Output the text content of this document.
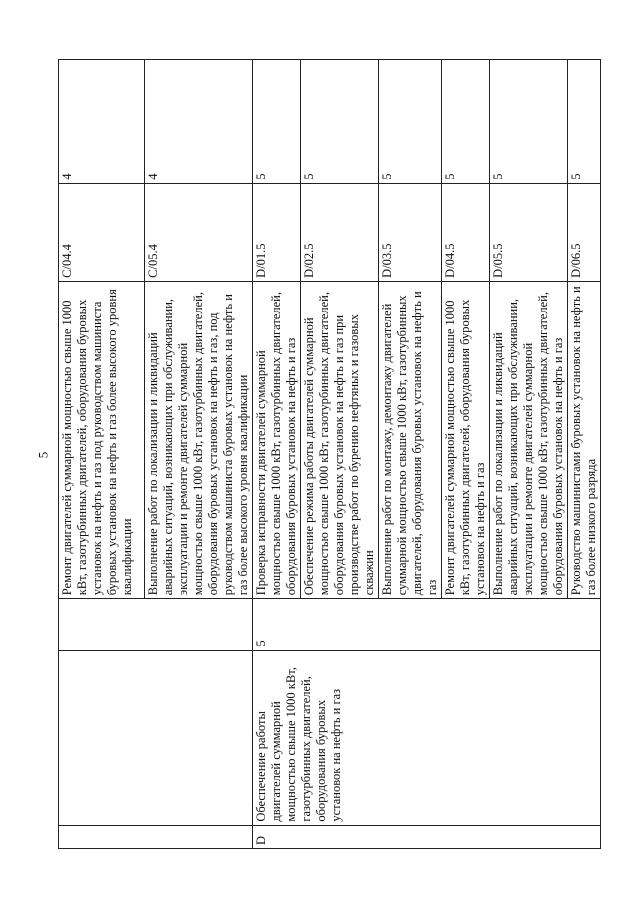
5
			Ремонт двигателей суммарной мощностью свыше 1000 кВт, газотурбинных двигателей, оборудования буровых установок на нефть и газ под руководством машиниста буровых установок на нефть и газ более высокого уровня квалификации	C/04.4	4
			Выполнение работ по локализации и ликвидаций аварийных ситуаций, возникающих при обслуживании, эксплуатации и ремонте двигателей суммарной мощностью свыше 1000 кВт, газотурбинных двигателей, оборудования буровых установок на нефть и газ, под руководством машиниста буровых установок на нефть и газ более высокого уровня квалификации	C/05.4	4
D	Обеспечение работы двигателей суммарной мощностью свыше 1000 кВт, газотурбинных двигателей, оборудования буровых установок на нефть и газ	5	Проверка исправности двигателей суммарной мощностью свыше 1000 кВт, газотурбинных двигателей, оборудования буровых установок на нефть и газ	D/01.5	5
			Обеспечение режима работы двигателей суммарной мощностью свыше 1000 кВт, газотурбинных двигателей, оборудования буровых установок на нефть и газ при производстве работ по бурению нефтяных и газовых скважин	D/02.5	5
			Выполнение работ по монтажу, демонтажу двигателей суммарной мощностью свыше 1000 кВт, газотурбинных двигателей, оборудования буровых установок на нефть и газ	D/03.5	5
			Ремонт двигателей суммарной мощностью свыше 1000 кВт, газотурбинных двигателей, оборудования буровых установок на нефть и газ	D/04.5	5
			Выполнение работ по локализации и ликвидаций аварийных ситуаций, возникающих при обслуживании, эксплуатации и ремонте двигателей суммарной мощностью свыше 1000 кВт, газотурбинных двигателей, оборудования буровых установок на нефть и газ	D/05.5	5
			Руководство машинистами буровых установок на нефть и газ более низкого разряда	D/06.5	5
